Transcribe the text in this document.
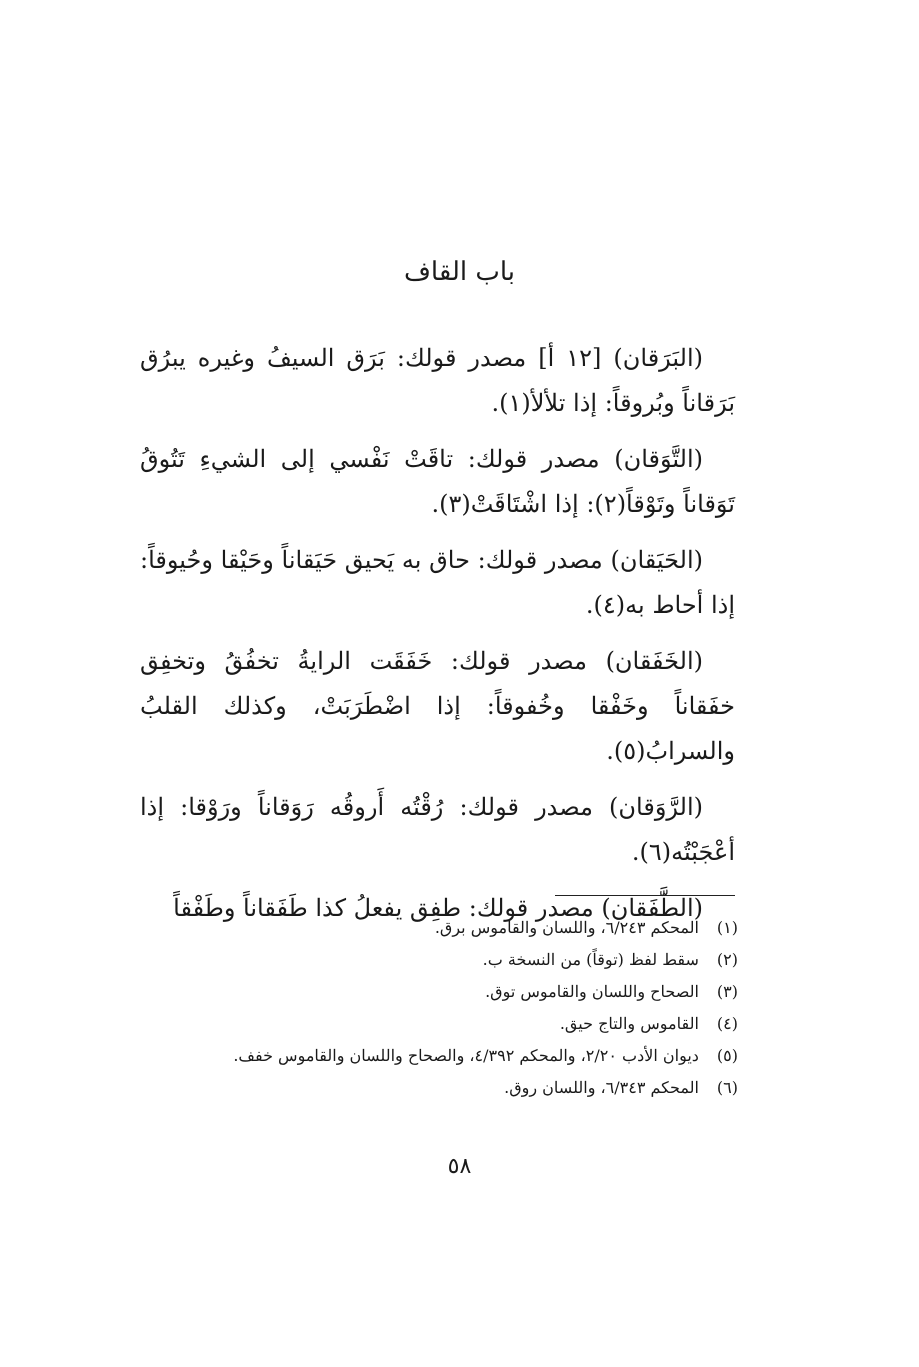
باب القاف

(البَرَقان) [١٢ أ] مصدر قولك: بَرَق السيفُ وغيره يبرُق بَرَقاناً وبُروقاً: إذا تلألأ(١).

(التَّوَقان) مصدر قولك: تاقَتْ نَفْسي إلى الشيءِ تَتُوقُ تَوَقاناً وتَوْقاً(٢): إذا اشْتَاقَتْ(٣).

(الحَيَقان) مصدر قولك: حاق به يَحيق حَيَقاناً وحَيْقا وحُيوقاً: إذا أحاط به(٤).

(الخَفَقان) مصدر قولك: خَفَقَت الرايةُ تخفُقُ وتخفِق خفَقاناً وخَفْقا وخُفوقاً: إذا اضْطَرَبَتْ، وكذلك القلبُ والسرابُ(٥).

(الرَّوَقان) مصدر قولك: رُقْتُه أَروقُه رَوَقاناً ورَوْقا: إذا أعْجَبْتُه(٦).

(الطَّفَقان) مصدر قولك: طفِق يفعلُ كذا طَفَقاناً وطَفْقاً

(١) المحكم ٦/٢٤٣، واللسان والقاموس برق.
(٢) سقط لفظ (توقاً) من النسخة ب.
(٣) الصحاح واللسان والقاموس توق.
(٤) القاموس والتاج حيق.
(٥) ديوان الأدب ٢/٢٠، والمحكم ٤/٣٩٢، والصحاح واللسان والقاموس خفف.
(٦) المحكم ٦/٣٤٣، واللسان روق.
٥٨
